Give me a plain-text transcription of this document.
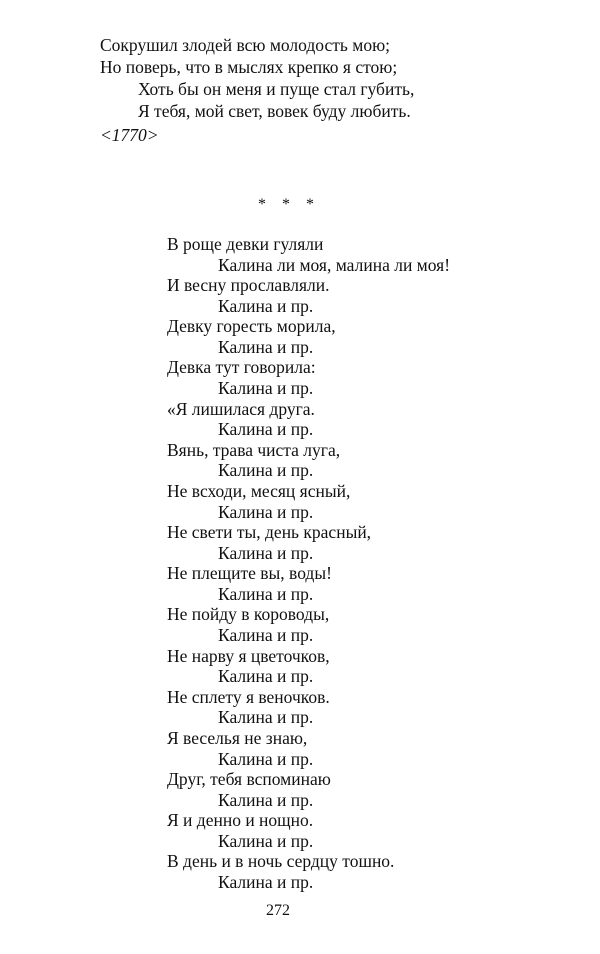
Сокрушил злодей всю молодость мою;
Но поверь, что в мыслях крепко я стою;
Хоть бы он меня и пуще стал губить,
Я тебя, мой свет, вовек буду любить.
<1770>
* * *
В роще девки гуляли
Калина ли моя, малина ли моя!
И весну прославляли.
Калина и пр.
Девку горесть морила,
Калина и пр.
Девка тут говорила:
Калина и пр.
«Я лишилася друга.
Калина и пр.
Вянь, трава чиста луга,
Калина и пр.
Не всходи, месяц ясный,
Калина и пр.
Не свети ты, день красный,
Калина и пр.
Не плещите вы, воды!
Калина и пр.
Не пойду в короводы,
Калина и пр.
Не нарву я цветочков,
Калина и пр.
Не сплету я веночков.
Калина и пр.
Я веселья не знаю,
Калина и пр.
Друг, тебя вспоминаю
Калина и пр.
Я и денно и нощно.
Калина и пр.
В день и в ночь сердцу тошно.
Калина и пр.
272
